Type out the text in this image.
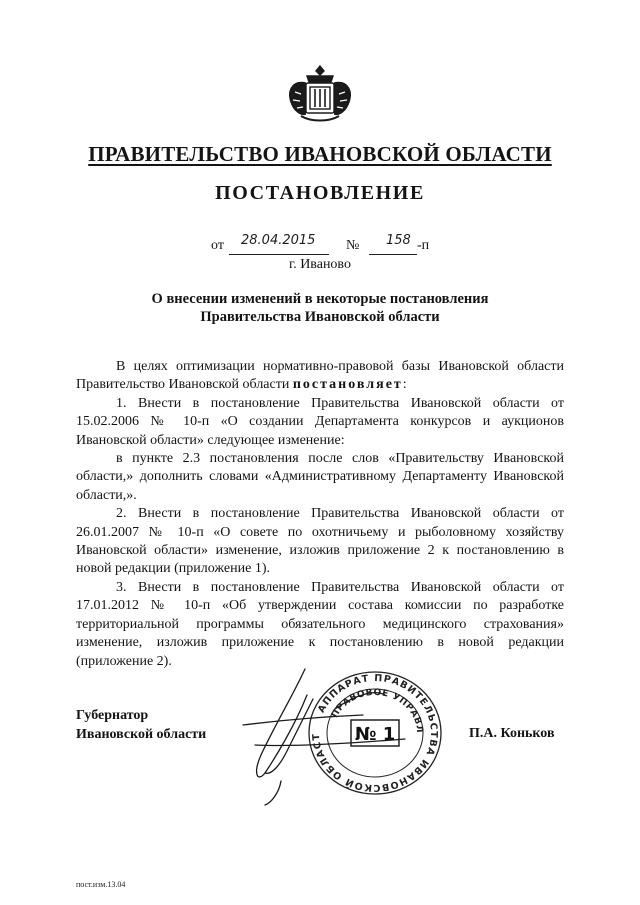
ПРАВИТЕЛЬСТВО ИВАНОВСКОЙ ОБЛАСТИ
ПОСТАНОВЛЕНИЕ
от 28.04.2015 № 158 -п
г. Иваново
О внесении изменений в некоторые постановления
Правительства Ивановской области

В целях оптимизации нормативно-правовой базы Ивановской области Правительство Ивановской области постановляет:

1. Внести в постановление Правительства Ивановской области от 15.02.2006 № 10-п «О создании Департамента конкурсов и аукционов Ивановской области» следующее изменение:

в пункте 2.3 постановления после слов «Правительству Ивановской области,» дополнить словами «Административному Департаменту Ивановской области,».

2. Внести в постановление Правительства Ивановской области от 26.01.2007 № 10-п «О совете по охотничьему и рыболовному хозяйству Ивановской области» изменение, изложив приложение 2 к постановлению в новой редакции (приложение 1).

3. Внести в постановление Правительства Ивановской области от 17.01.2012 № 10-п «Об утверждении состава комиссии по разработке территориальной программы обязательного медицинского страхования» изменение, изложив приложение к постановлению в новой редакции (приложение 2).

Губернатор
Ивановской области	П.А. Коньков
АППАРАТ ПРАВИТЕЛЬСТВА ИВАНОВСКОЙ ОБЛАСТ
ПРАВОВОЕ УПРАВЛ
№ 1
пост.изм.13.04
